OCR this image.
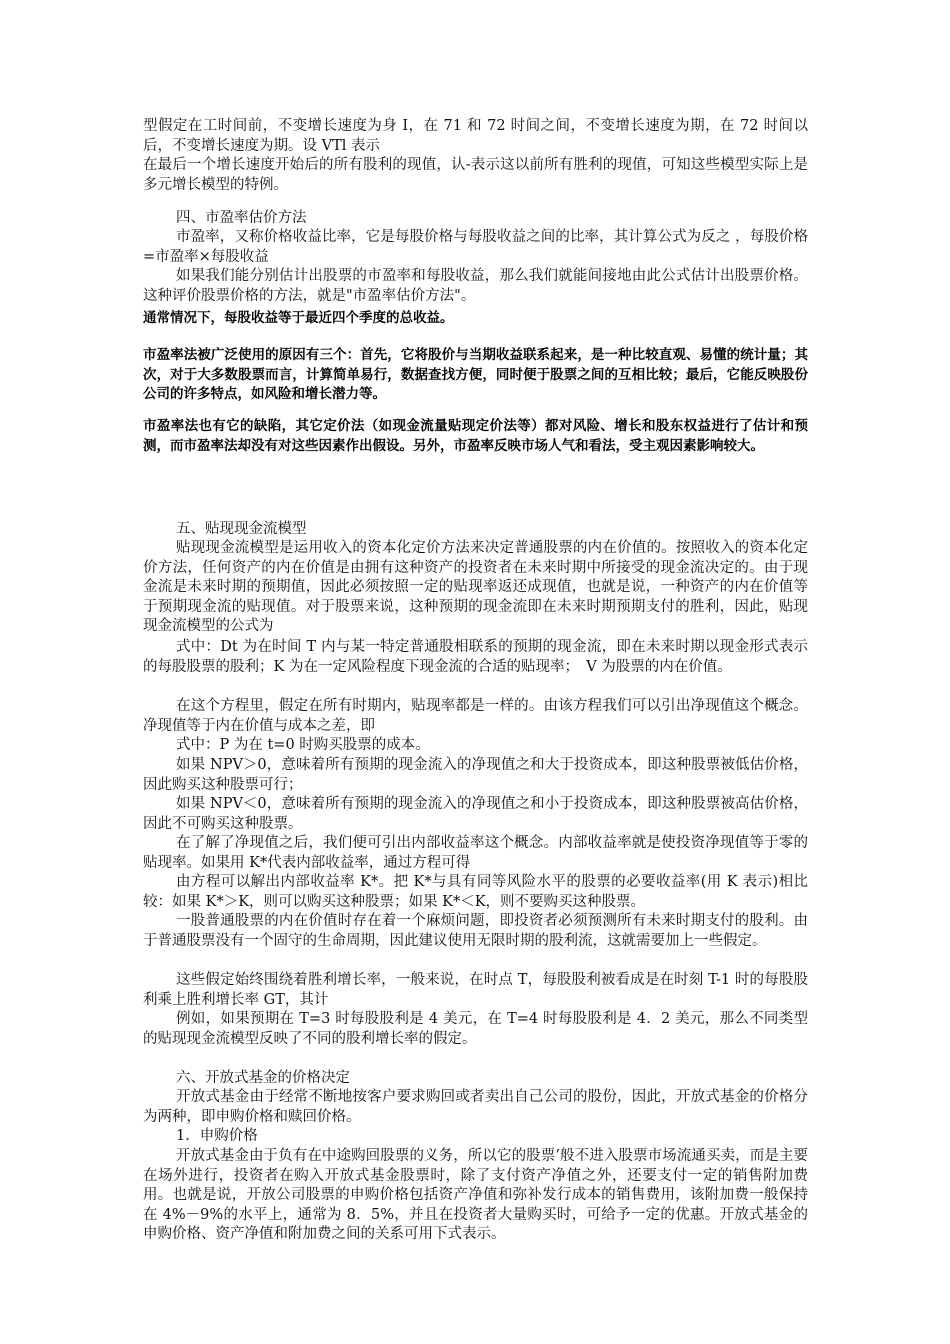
型假定在工时间前，不变增长速度为身 I，在 71 和 72 时间之间，不变增长速度为期，在 72 时间以后，不变增长速度为期。设 VTl 表示

在最后一个增长速度开始后的所有股利的现值，认-表示这以前所有胜利的现值，可知这些模型实际上是多元增长模型的特例。

四、市盈率估价方法

市盈率，又称价格收益比率，它是每股价格与每股收益之间的比率，其计算公式为反之 ，每股价格=市盈率×每股收益

如果我们能分别估计出股票的市盈率和每股收益，那么我们就能间接地由此公式估计出股票价格。这种评价股票价格的方法，就是"市盈率估价方法"。

通常情况下，每股收益等于最近四个季度的总收益。

市盈率法被广泛使用的原因有三个：首先，它将股价与当期收益联系起来，是一种比较直观、易懂的统计量；其次，对于大多数股票而言，计算简单易行，数据查找方便，同时便于股票之间的互相比较；最后，它能反映股份公司的许多特点，如风险和增长潜力等。

市盈率法也有它的缺陷，其它定价法（如现金流量贴现定价法等）都对风险、增长和股东权益进行了估计和预测，而市盈率法却没有对这些因素作出假设。另外，市盈率反映市场人气和看法，受主观因素影响较大。

五、贴现现金流模型

贴现现金流模型是运用收入的资本化定价方法来决定普通股票的内在价值的。按照收入的资本化定价方法，任何资产的内在价值是由拥有这种资产的投资者在未来时期中所接受的现金流决定的。由于现金流是未来时期的预期值，因此必须按照一定的贴现率返还成现值，也就是说，一种资产的内在价值等于预期现金流的贴现值。对于股票来说，这种预期的现金流即在未来时期预期支付的胜利，因此，贴现现金流模型的公式为

式中：Dt 为在时间 T 内与某一特定普通股相联系的预期的现金流，即在未来时期以现金形式表示的每股股票的股利；K 为在一定风险程度下现金流的合适的贴现率；　V 为股票的内在价值。

在这个方程里，假定在所有时期内，贴现率都是一样的。由该方程我们可以引出净现值这个概念。净现值等于内在价值与成本之差，即

式中：P 为在 t=0 时购买股票的成本。

如果 NPV＞0，意味着所有预期的现金流入的净现值之和大于投资成本，即这种股票被低估价格，因此购买这种股票可行；

如果 NPV＜0，意味着所有预期的现金流入的净现值之和小于投资成本，即这种股票被高估价格，因此不可购买这种股票。

在了解了净现值之后，我们便可引出内部收益率这个概念。内部收益率就是使投资净现值等于零的贴现率。如果用 K*代表内部收益率，通过方程可得

由方程可以解出内部收益率 K*。把 K*与具有同等风险水平的股票的必要收益率(用 K 表示)相比较：如果 K*＞K，则可以购买这种股票；如果 K*＜K，则不要购买这种股票。

一股普通股票的内在价值时存在着一个麻烦问题，即投资者必须预测所有未来时期支付的股利。由于普通股票没有一个固守的生命周期，因此建议使用无限时期的股利流，这就需要加上一些假定。

这些假定始终围绕着胜利增长率，一般来说，在时点 T，每股股利被看成是在时刻 T-1 时的每股股利乘上胜利增长率 GT，其计

例如，如果预期在 T=3 时每股股利是 4 美元，在 T=4 时每股股利是 4．2 美元，那么不同类型的贴现现金流模型反映了不同的股利增长率的假定。

六、开放式基金的价格决定

开放式基金由于经常不断地按客户要求购回或者卖出自己公司的股份，因此，开放式基金的价格分为两种，即申购价格和赎回价格。

1．申购价格

开放式基金由于负有在中途购回股票的义务，所以它的股票’般不进入股票市场流通买卖，而是主要在场外进行，投资者在购入开放式基金股票时，除了支付资产净值之外，还要支付一定的销售附加费用。也就是说，开放公司股票的申购价格包括资产净值和弥补发行成本的销售费用，该附加费一般保持在 4%－9%的水平上，通常为 8．5%，并且在投资者大量购买时，可给予一定的优惠。开放式基金的申购价格、资产净值和附加费之间的关系可用下式表示。
